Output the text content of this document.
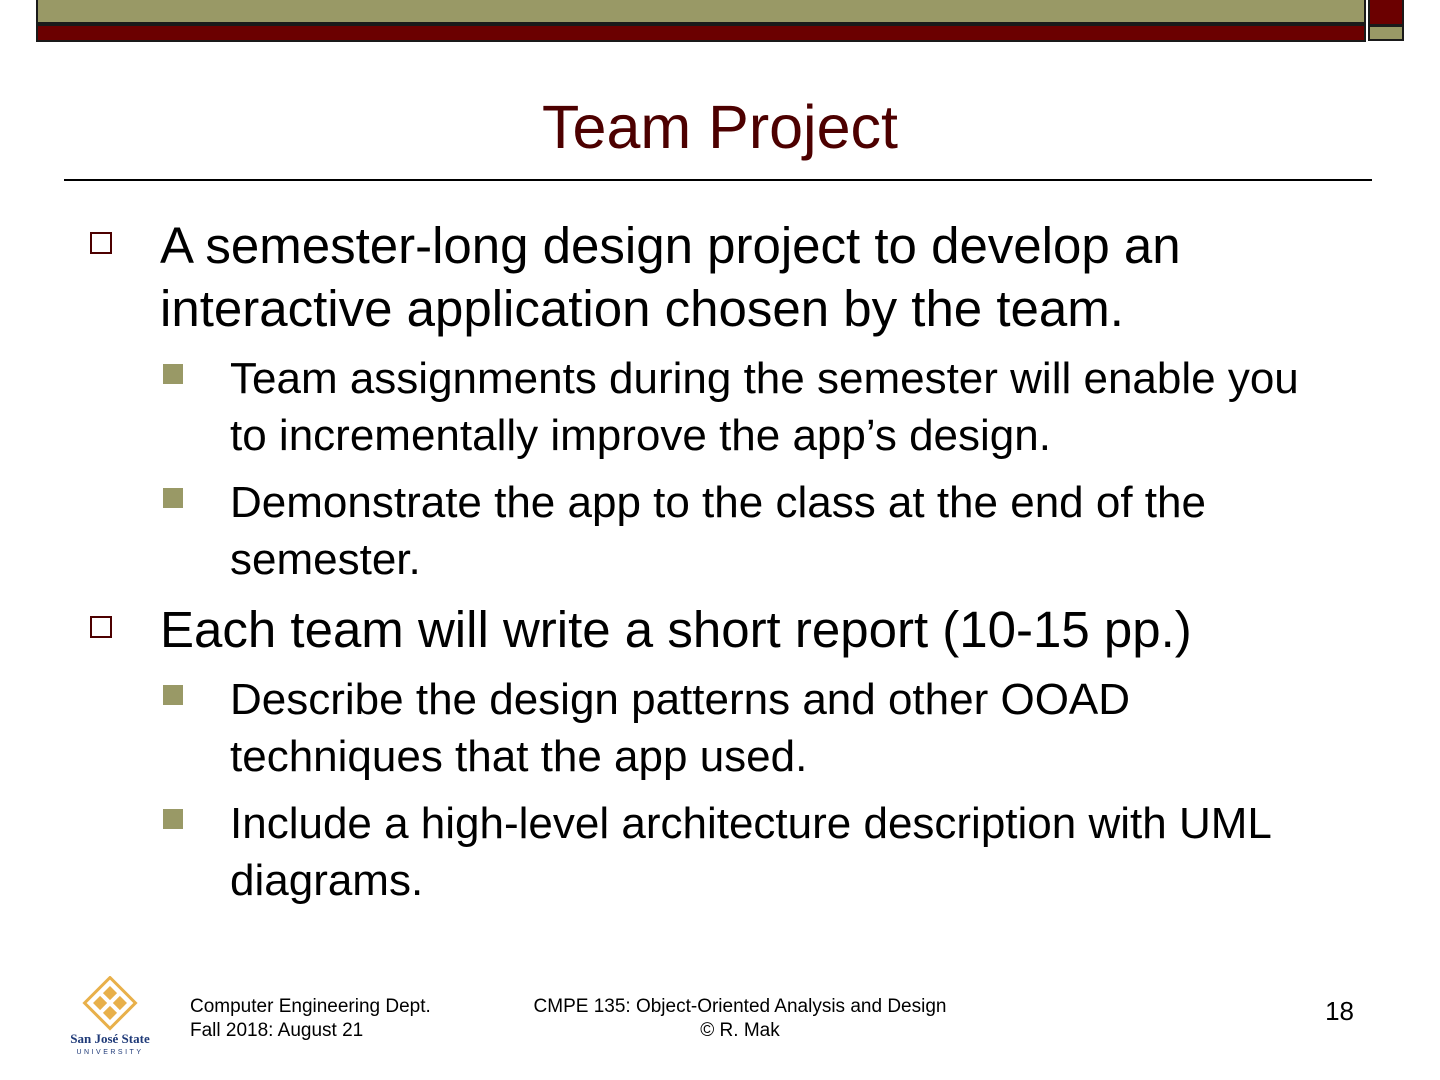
Team Project
A semester-long design project to develop an interactive application chosen by the team.
Team assignments during the semester will enable you to incrementally improve the app’s design.
Demonstrate the app to the class at the end of the semester.
Each team will write a short report (10-15 pp.)
Describe the design patterns and other OOAD techniques that the app used.
Include a high-level architecture description with UML diagrams.
San José State
UNIVERSITY
Computer Engineering Dept.
Fall 2018: August 21
CMPE 135: Object-Oriented Analysis and Design
© R. Mak
18
